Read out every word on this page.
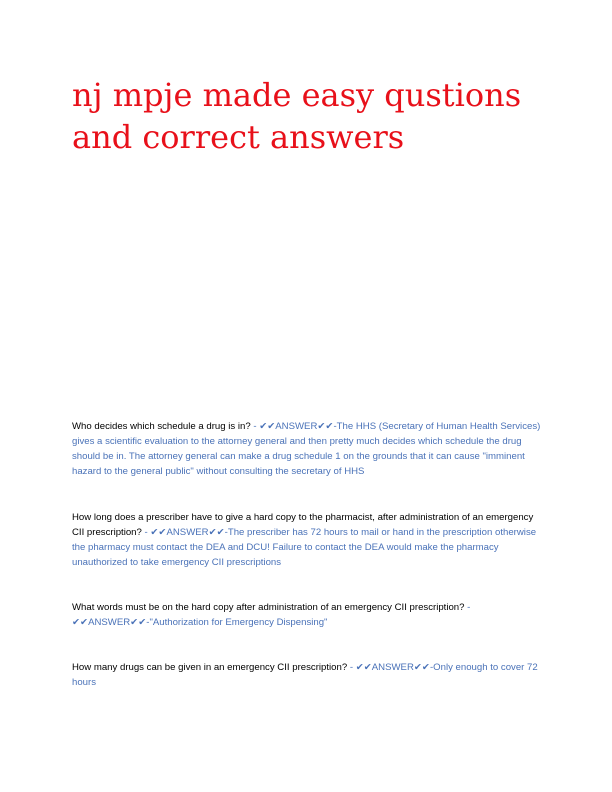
nj mpje made easy qustions
and correct answers

Who decides which schedule a drug is in? - ✔✔ANSWER✔✔-The HHS (Secretary of Human Health Services) gives a scientific evaluation to the attorney general and then pretty much decides which schedule the drug should be in. The attorney general can make a drug schedule 1 on the grounds that it can cause "imminent hazard to the general public" without consulting the secretary of HHS

How long does a prescriber have to give a hard copy to the pharmacist, after administration of an emergency CII prescription? - ✔✔ANSWER✔✔-The prescriber has 72 hours to mail or hand in the prescription otherwise the pharmacy must contact the DEA and DCU! Failure to contact the DEA would make the pharmacy unauthorized to take emergency CII prescriptions

What words must be on the hard copy after administration of an emergency CII prescription? - ✔✔ANSWER✔✔-"Authorization for Emergency Dispensing"

How many drugs can be given in an emergency CII prescription? - ✔✔ANSWER✔✔-Only enough to cover 72 hours
